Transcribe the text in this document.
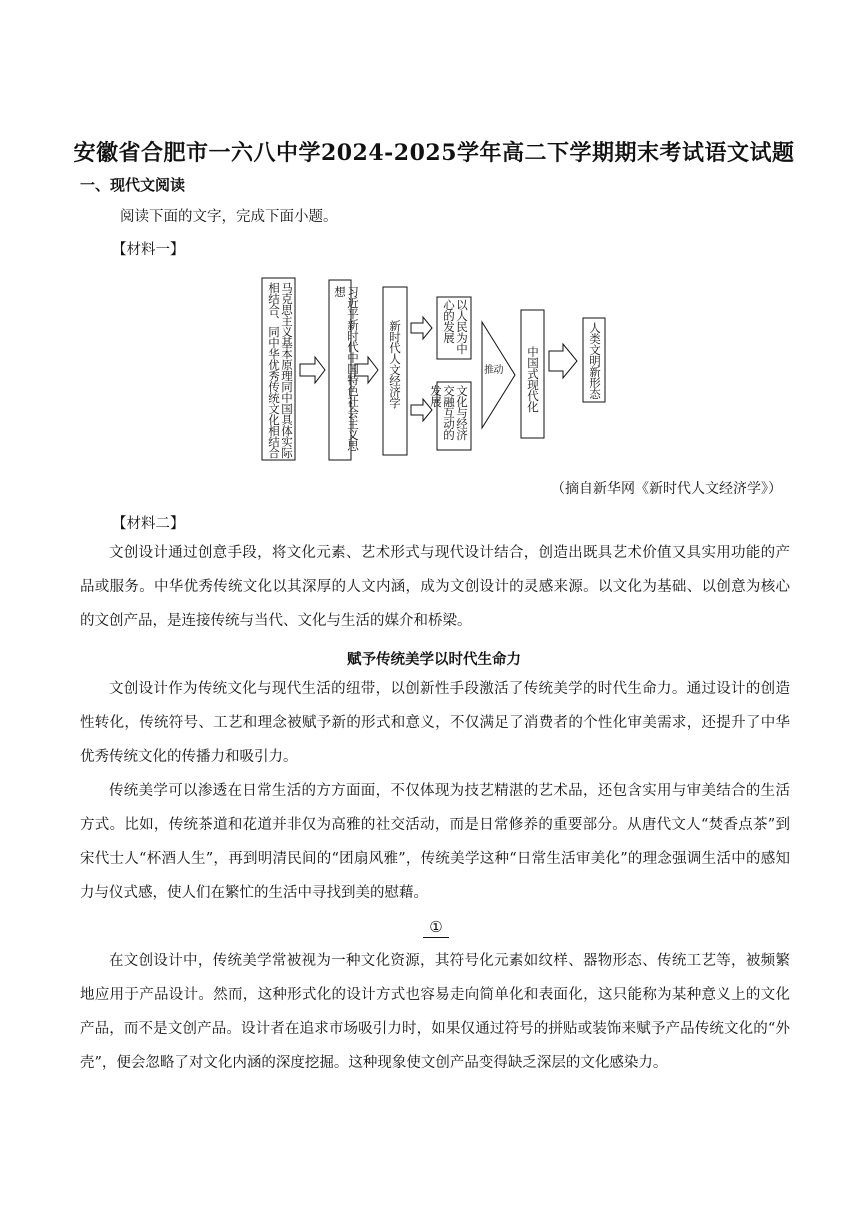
安徽省合肥市一六八中学2024-2025学年高二下学期期末考试语文试题
一、现代文阅读
阅读下面的文字，完成下面小题。
【材料一】
马克思主义基本原理同中国具体实际相结合、同中华优秀传统文化相结合	习近平新时代中国特色社会主义思想
新时代人文经济学	以人民为中心的发展
文化与经济交融互动的发展
推动 中国式现代化	人类文明新形态
（摘自新华网《新时代人文经济学》）
【材料二】

文创设计通过创意手段，将文化元素、艺术形式与现代设计结合，创造出既具艺术价值又具实用功能的产品或服务。中华优秀传统文化以其深厚的人文内涵，成为文创设计的灵感来源。以文化为基础、以创意为核心的文创产品，是连接传统与当代、文化与生活的媒介和桥梁。

赋予传统美学以时代生命力

文创设计作为传统文化与现代生活的纽带，以创新性手段激活了传统美学的时代生命力。通过设计的创造性转化，传统符号、工艺和理念被赋予新的形式和意义，不仅满足了消费者的个性化审美需求，还提升了中华优秀传统文化的传播力和吸引力。

传统美学可以渗透在日常生活的方方面面，不仅体现为技艺精湛的艺术品，还包含实用与审美结合的生活方式。比如，传统茶道和花道并非仅为高雅的社交活动，而是日常修养的重要部分。从唐代文人“焚香点茶”到宋代士人“杯酒人生”，再到明清民间的“团扇风雅”，传统美学这种“日常生活审美化”的理念强调生活中的感知力与仪式感，使人们在繁忙的生活中寻找到美的慰藉。

①

在文创设计中，传统美学常被视为一种文化资源，其符号化元素如纹样、器物形态、传统工艺等，被频繁地应用于产品设计。然而，这种形式化的设计方式也容易走向简单化和表面化，这只能称为某种意义上的文化产品，而不是文创产品。设计者在追求市场吸引力时，如果仅通过符号的拼贴或装饰来赋予产品传统文化的“外壳”，便会忽略了对文化内涵的深度挖掘。这种现象使文创产品变得缺乏深层的文化感染力。
